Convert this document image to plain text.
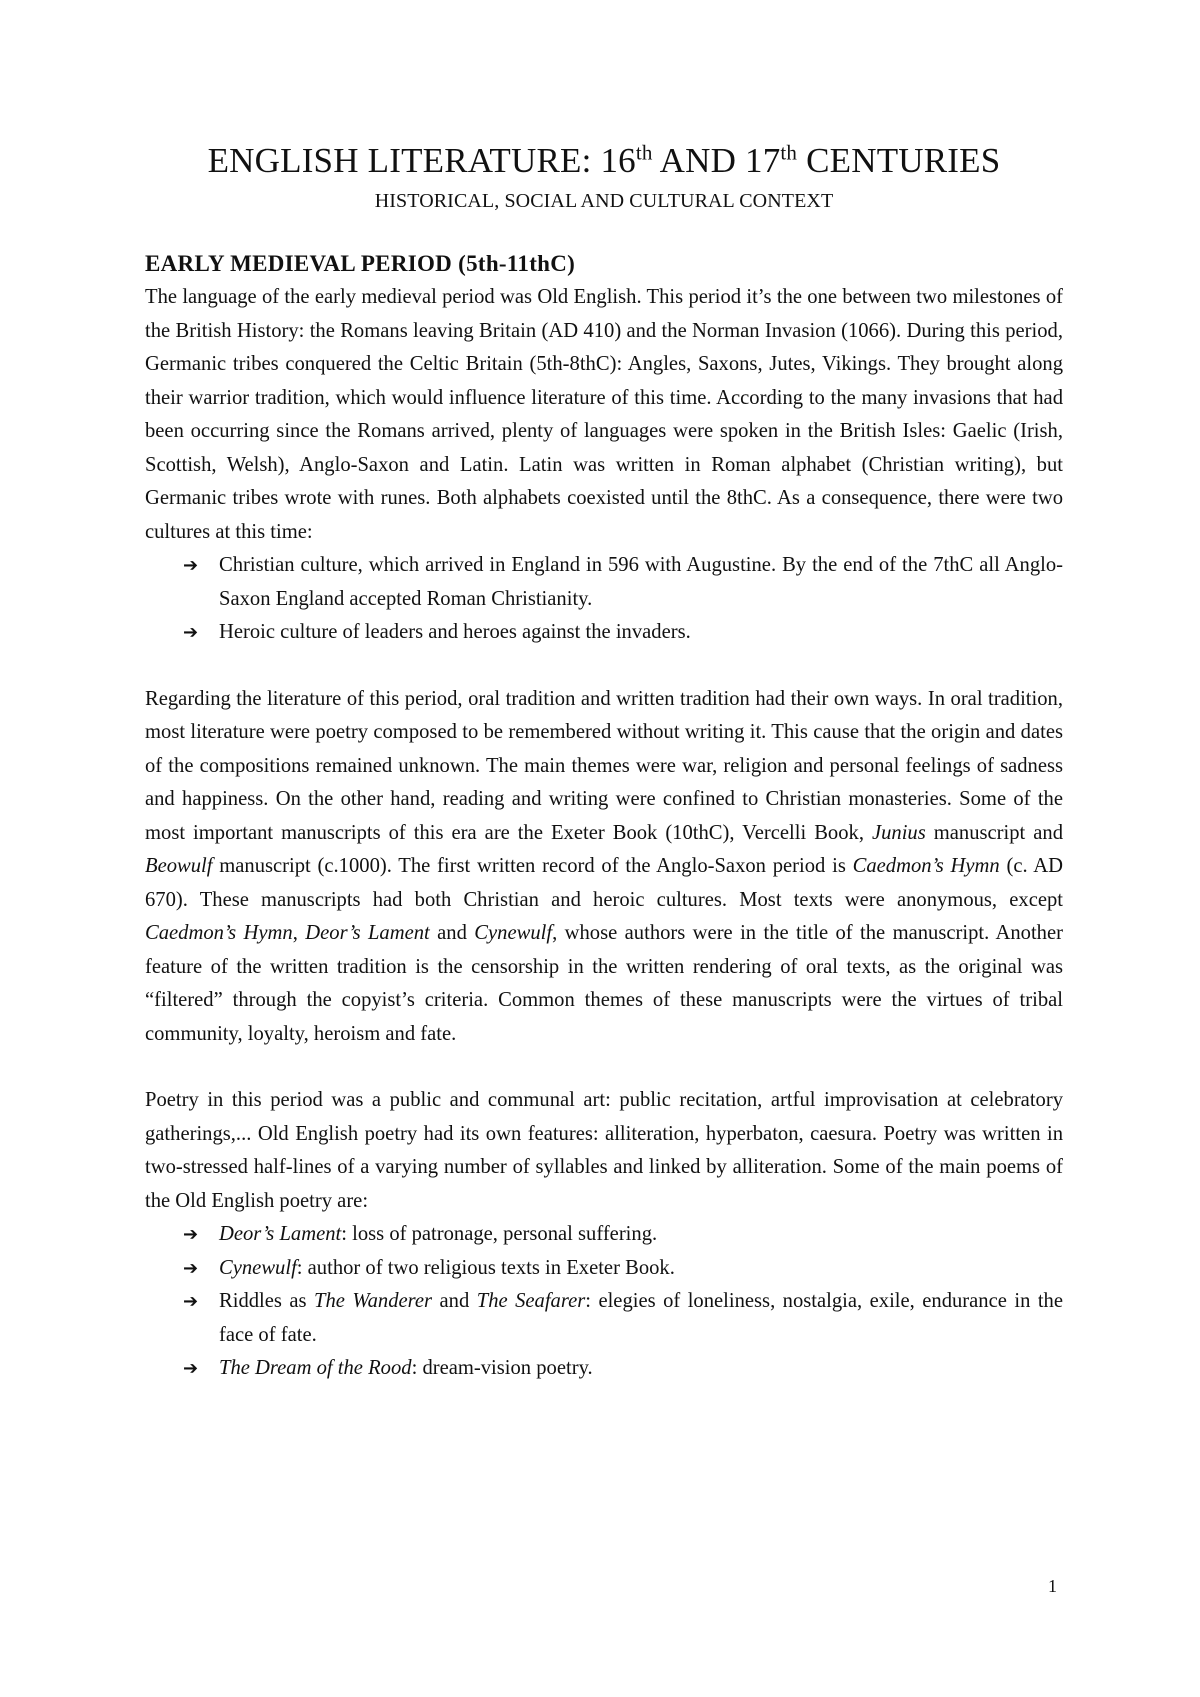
ENGLISH LITERATURE: 16th AND 17th CENTURIES
HISTORICAL, SOCIAL AND CULTURAL CONTEXT
EARLY MEDIEVAL PERIOD (5th-11thC)

The language of the early medieval period was Old English. This period it’s the one between two milestones of the British History: the Romans leaving Britain (AD 410) and the Norman Invasion (1066). During this period, Germanic tribes conquered the Celtic Britain (5th-8thC): Angles, Saxons, Jutes, Vikings. They brought along their warrior tradition, which would influence literature of this time. According to the many invasions that had been occurring since the Romans arrived, plenty of languages were spoken in the British Isles: Gaelic (Irish, Scottish, Welsh), Anglo-Saxon and Latin. Latin was written in Roman alphabet (Christian writing), but Germanic tribes wrote with runes. Both alphabets coexisted until the 8thC. As a consequence, there were two cultures at this time:

➔ Christian culture, which arrived in England in 596 with Augustine. By the end of the 7thC all Anglo-Saxon England accepted Roman Christianity.
➔ Heroic culture of leaders and heroes against the invaders.

Regarding the literature of this period, oral tradition and written tradition had their own ways. In oral tradition, most literature were poetry composed to be remembered without writing it. This cause that the origin and dates of the compositions remained unknown. The main themes were war, religion and personal feelings of sadness and happiness. On the other hand, reading and writing were confined to Christian monasteries. Some of the most important manuscripts of this era are the Exeter Book (10thC), Vercelli Book, Junius manuscript and Beowulf manuscript (c.1000). The first written record of the Anglo-Saxon period is Caedmon’s Hymn (c. AD 670). These manuscripts had both Christian and heroic cultures. Most texts were anonymous, except Caedmon’s Hymn, Deor’s Lament and Cynewulf, whose authors were in the title of the manuscript. Another feature of the written tradition is the censorship in the written rendering of oral texts, as the original was “filtered” through the copyist’s criteria. Common themes of these manuscripts were the virtues of tribal community, loyalty, heroism and fate.

Poetry in this period was a public and communal art: public recitation, artful improvisation at celebratory gatherings,... Old English poetry had its own features: alliteration, hyperbaton, caesura. Poetry was written in two-stressed half-lines of a varying number of syllables and linked by alliteration. Some of the main poems of the Old English poetry are:

➔ Deor’s Lament: loss of patronage, personal suffering.
➔ Cynewulf: author of two religious texts in Exeter Book.
➔ Riddles as The Wanderer and The Seafarer: elegies of loneliness, nostalgia, exile, endurance in the face of fate.
➔ The Dream of the Rood: dream-vision poetry.
1
